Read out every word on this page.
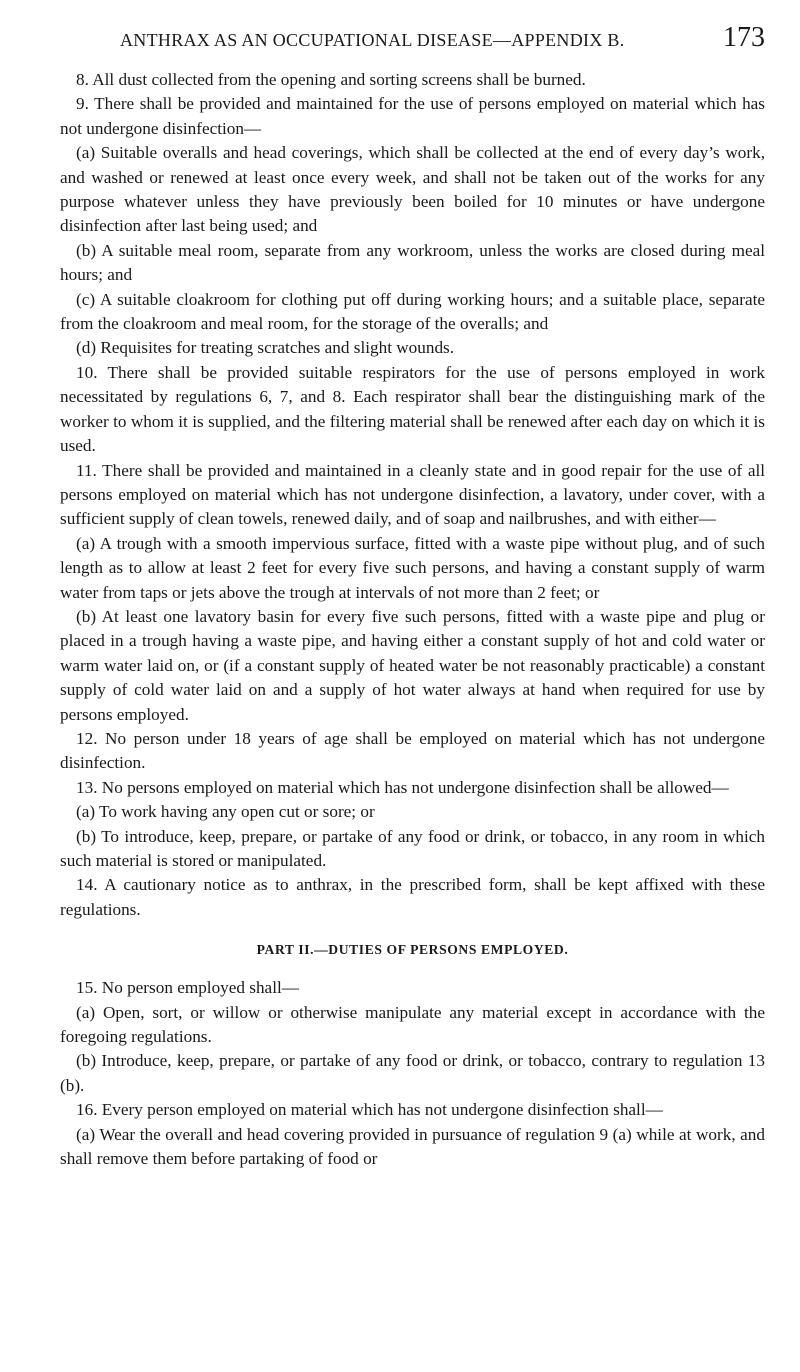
ANTHRAX AS AN OCCUPATIONAL DISEASE—APPENDIX B.	173

8. All dust collected from the opening and sorting screens shall be burned.

9. There shall be provided and maintained for the use of persons employed on material which has not undergone disinfection—

(a) Suitable overalls and head coverings, which shall be collected at the end of every day’s work, and washed or renewed at least once every week, and shall not be taken out of the works for any purpose whatever unless they have previously been boiled for 10 minutes or have undergone disinfection after last being used; and

(b) A suitable meal room, separate from any workroom, unless the works are closed during meal hours; and

(c) A suitable cloakroom for clothing put off during working hours; and a suitable place, separate from the cloakroom and meal room, for the storage of the overalls; and

(d) Requisites for treating scratches and slight wounds.

10. There shall be provided suitable respirators for the use of persons employed in work necessitated by regulations 6, 7, and 8. Each respirator shall bear the distinguishing mark of the worker to whom it is supplied, and the filtering material shall be renewed after each day on which it is used.

11. There shall be provided and maintained in a cleanly state and in good repair for the use of all persons employed on material which has not undergone disinfection, a lavatory, under cover, with a sufficient supply of clean towels, renewed daily, and of soap and nailbrushes, and with either—

(a) A trough with a smooth impervious surface, fitted with a waste pipe without plug, and of such length as to allow at least 2 feet for every five such persons, and having a constant supply of warm water from taps or jets above the trough at intervals of not more than 2 feet; or

(b) At least one lavatory basin for every five such persons, fitted with a waste pipe and plug or placed in a trough having a waste pipe, and having either a constant supply of hot and cold water or warm water laid on, or (if a constant supply of heated water be not reasonably practicable) a constant supply of cold water laid on and a supply of hot water always at hand when required for use by persons employed.

12. No person under 18 years of age shall be employed on material which has not undergone disinfection.

13. No persons employed on material which has not undergone disinfection shall be allowed—

(a) To work having any open cut or sore; or

(b) To introduce, keep, prepare, or partake of any food or drink, or tobacco, in any room in which such material is stored or manipulated.

14. A cautionary notice as to anthrax, in the prescribed form, shall be kept affixed with these regulations.

PART II.—DUTIES OF PERSONS EMPLOYED.

15. No person employed shall—

(a) Open, sort, or willow or otherwise manipulate any material except in accordance with the foregoing regulations.

(b) Introduce, keep, prepare, or partake of any food or drink, or tobacco, contrary to regulation 13 (b).

16. Every person employed on material which has not undergone disinfection shall—

(a) Wear the overall and head covering provided in pursuance of regulation 9 (a) while at work, and shall remove them before partaking of food or
